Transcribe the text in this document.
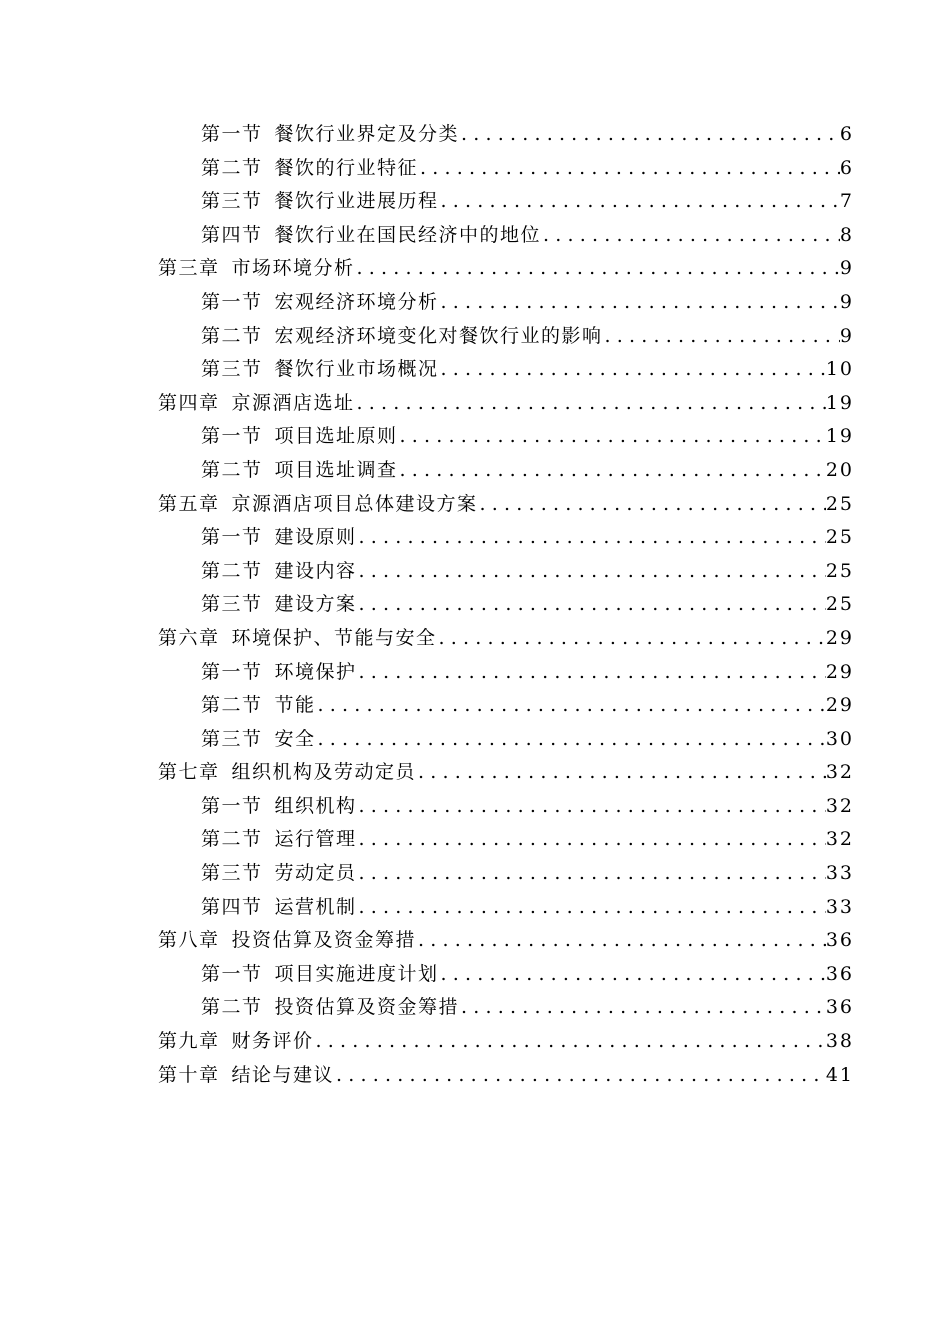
第一节 餐饮行业界定及分类 .....	6
第二节 餐饮的行业特征 .....	6
第三节 餐饮行业进展历程 .....	7
第四节 餐饮行业在国民经济中的地位 .....	8
第三章 市场环境分析 .....	9
第一节 宏观经济环境分析 .....	9
第二节 宏观经济环境变化对餐饮行业的影响 .....	9
第三节 餐饮行业市场概况 .....	10
第四章 京源酒店选址 .....	19
第一节 项目选址原则 .....	19
第二节 项目选址调查 .....	20
第五章 京源酒店项目总体建设方案 .....	25
第一节 建设原则 .....	25
第二节 建设内容 .....	25
第三节 建设方案 .....	25
第六章 环境保护、节能与安全 .....	29
第一节 环境保护 .....	29
第二节 节能 .....	29
第三节 安全 .....	30
第七章 组织机构及劳动定员 .....	32
第一节 组织机构 .....	32
第二节 运行管理 .....	32
第三节 劳动定员 .....	33
第四节 运营机制 .....	33
第八章 投资估算及资金筹措 .....	36
第一节 项目实施进度计划 .....	36
第二节 投资估算及资金筹措 .....	36
第九章 财务评价 .....	38
第十章 结论与建议 .....	41
